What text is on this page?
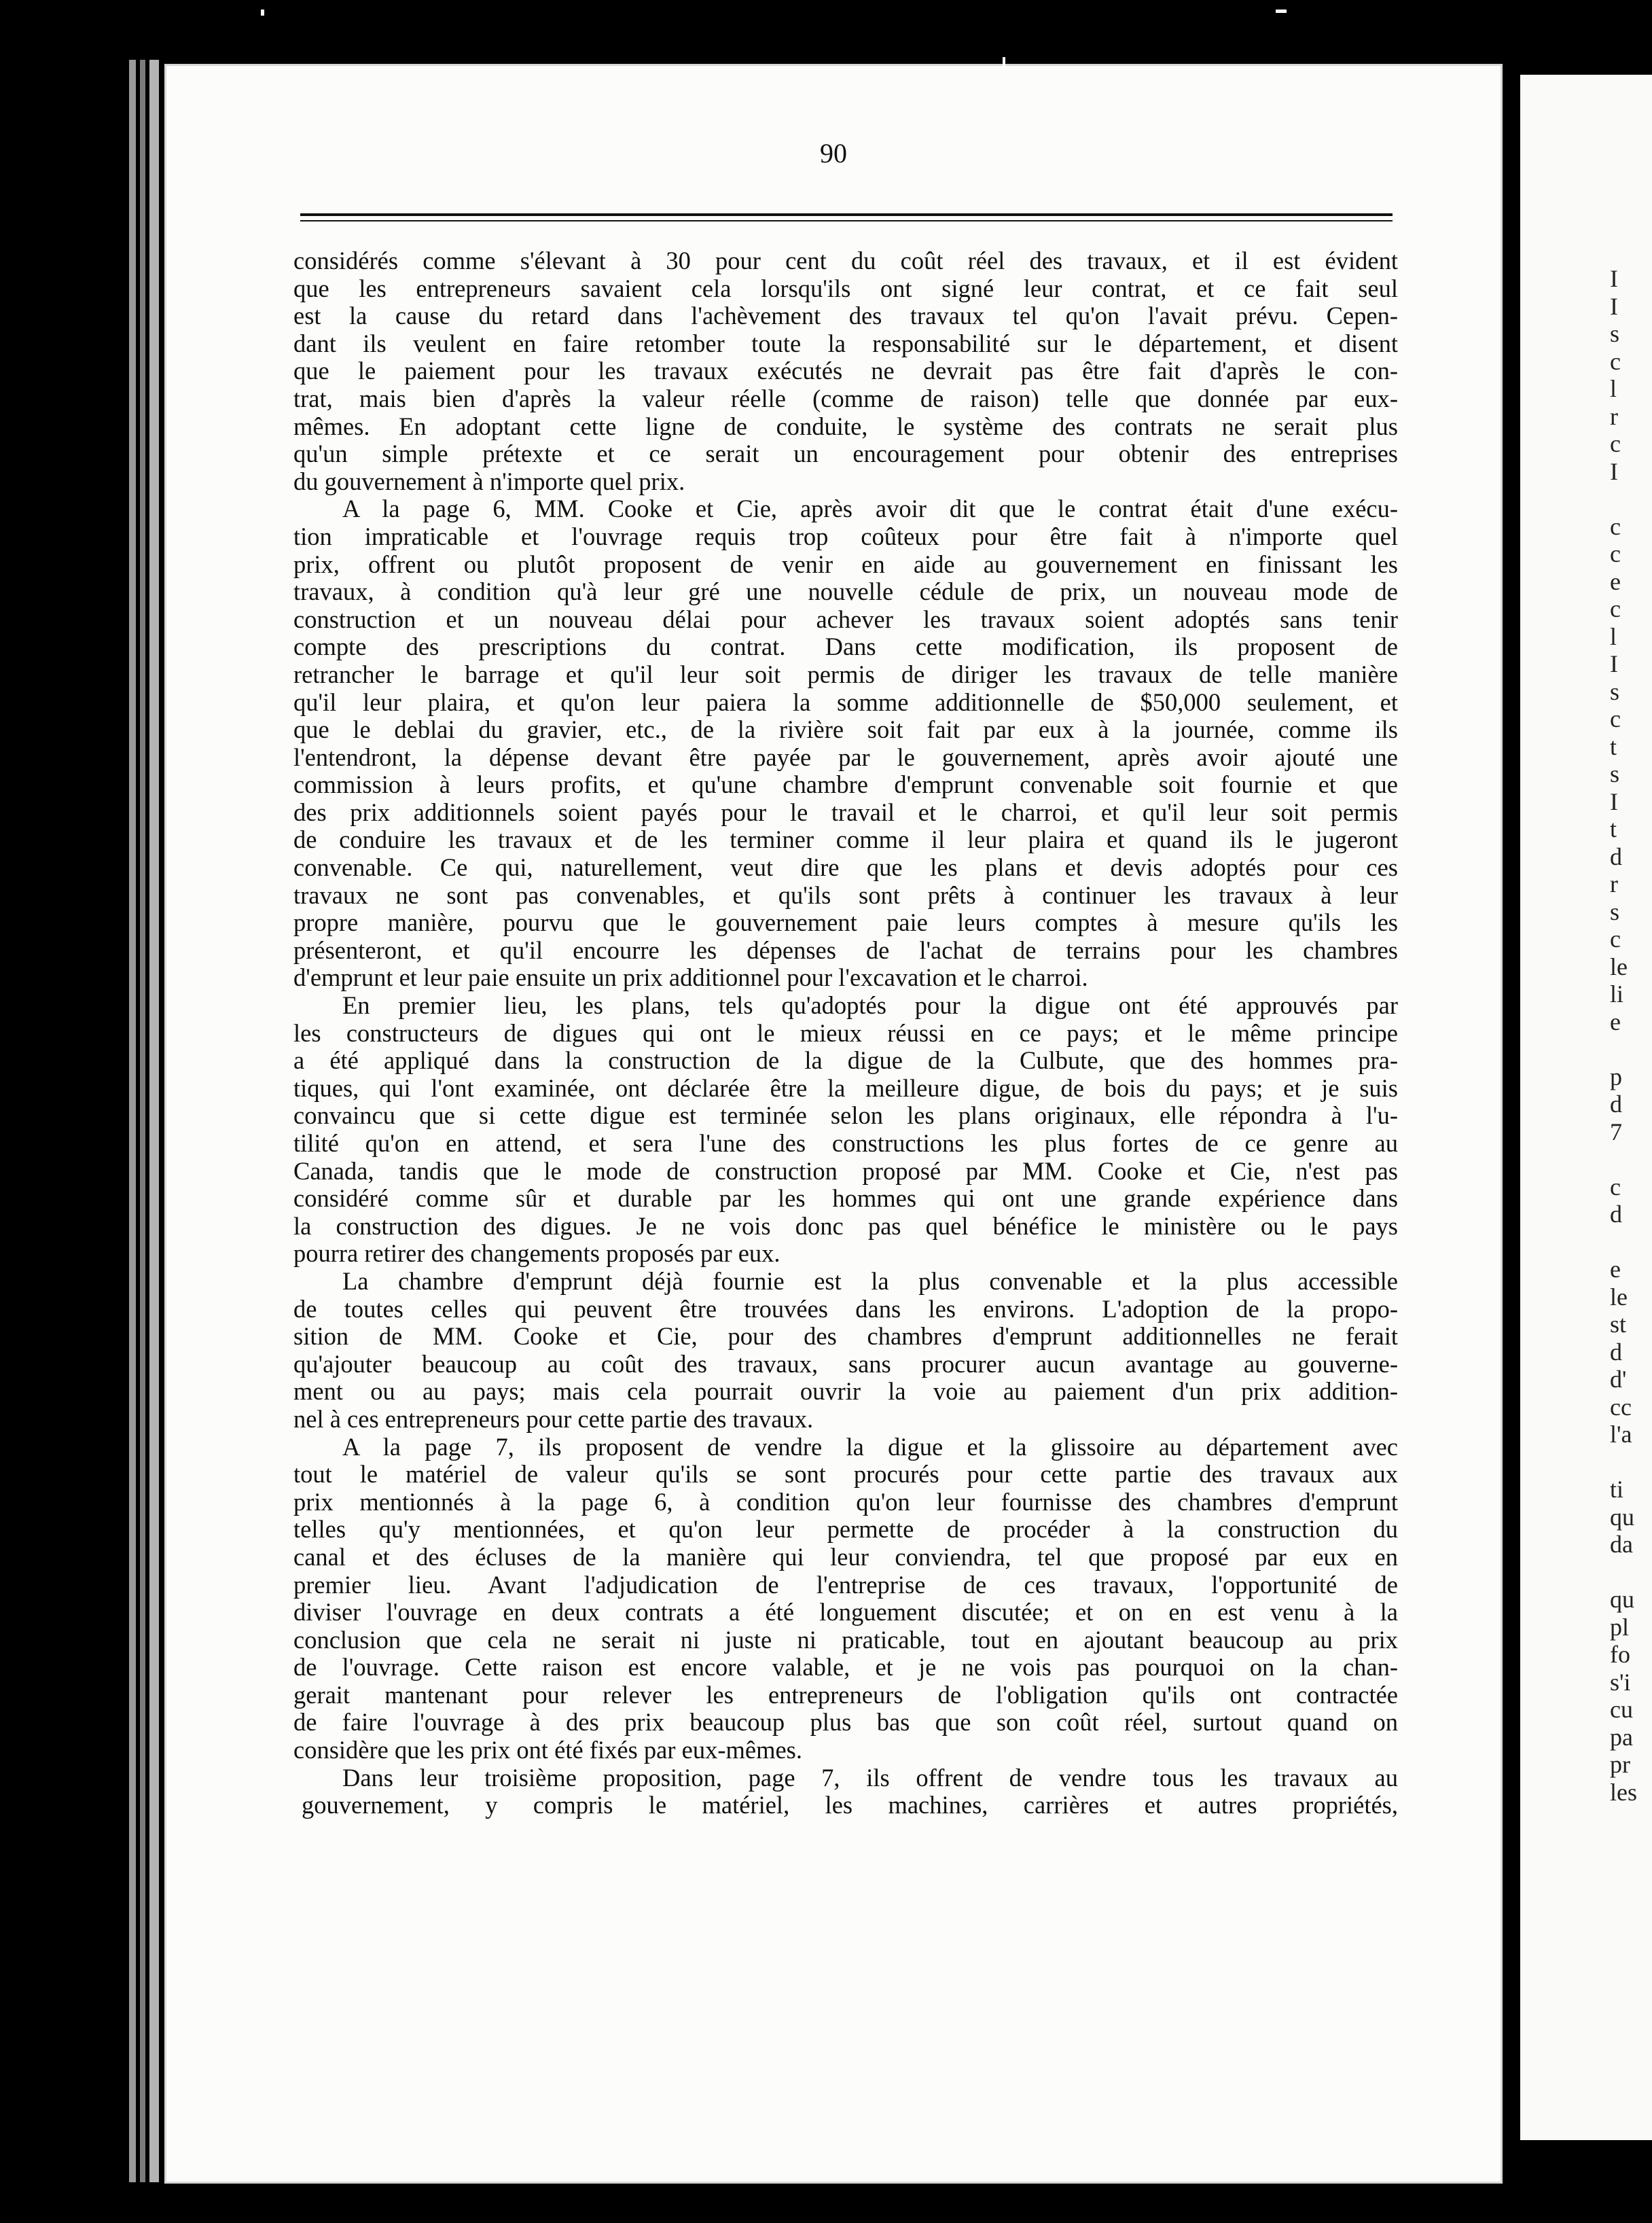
90
considérés comme s'élevant à 30 pour cent du coût réel des travaux, et il est évident
que les entrepreneurs savaient cela lorsqu'ils ont signé leur contrat, et ce fait seul
est la cause du retard dans l'achèvement des travaux tel qu'on l'avait prévu. Cepen-
dant ils veulent en faire retomber toute la responsabilité sur le département, et disent
que le paiement pour les travaux exécutés ne devrait pas être fait d'après le con-
trat, mais bien d'après la valeur réelle (comme de raison) telle que donnée par eux-
mêmes. En adoptant cette ligne de conduite, le système des contrats ne serait plus
qu'un simple prétexte et ce serait un encouragement pour obtenir des entreprises
du gouvernement à n'importe quel prix.
A la page 6, MM. Cooke et Cie, après avoir dit que le contrat était d'une exécu-
tion impraticable et l'ouvrage requis trop coûteux pour être fait à n'importe quel
prix, offrent ou plutôt proposent de venir en aide au gouvernement en finissant les
travaux, à condition qu'à leur gré une nouvelle cédule de prix, un nouveau mode de
construction et un nouveau délai pour achever les travaux soient adoptés sans tenir
compte des prescriptions du contrat. Dans cette modification, ils proposent de
retrancher le barrage et qu'il leur soit permis de diriger les travaux de telle manière
qu'il leur plaira, et qu'on leur paiera la somme additionnelle de $50,000 seulement, et
que le deblai du gravier, etc., de la rivière soit fait par eux à la journée, comme ils
l'entendront, la dépense devant être payée par le gouvernement, après avoir ajouté une
commission à leurs profits, et qu'une chambre d'emprunt convenable soit fournie et que
des prix additionnels soient payés pour le travail et le charroi, et qu'il leur soit permis
de conduire les travaux et de les terminer comme il leur plaira et quand ils le jugeront
convenable. Ce qui, naturellement, veut dire que les plans et devis adoptés pour ces
travaux ne sont pas convenables, et qu'ils sont prêts à continuer les travaux à leur
propre manière, pourvu que le gouvernement paie leurs comptes à mesure qu'ils les
présenteront, et qu'il encourre les dépenses de l'achat de terrains pour les chambres
d'emprunt et leur paie ensuite un prix additionnel pour l'excavation et le charroi.
En premier lieu, les plans, tels qu'adoptés pour la digue ont été approuvés par
les constructeurs de digues qui ont le mieux réussi en ce pays; et le même principe
a été appliqué dans la construction de la digue de la Culbute, que des hommes pra-
tiques, qui l'ont examinée, ont déclarée être la meilleure digue, de bois du pays; et je suis
convaincu que si cette digue est terminée selon les plans originaux, elle répondra à l'u-
tilité qu'on en attend, et sera l'une des constructions les plus fortes de ce genre au
Canada, tandis que le mode de construction proposé par MM. Cooke et Cie, n'est pas
considéré comme sûr et durable par les hommes qui ont une grande expérience dans
la construction des digues. Je ne vois donc pas quel bénéfice le ministère ou le pays
pourra retirer des changements proposés par eux.
La chambre d'emprunt déjà fournie est la plus convenable et la plus accessible
de toutes celles qui peuvent être trouvées dans les environs. L'adoption de la propo-
sition de MM. Cooke et Cie, pour des chambres d'emprunt additionnelles ne ferait
qu'ajouter beaucoup au coût des travaux, sans procurer aucun avantage au gouverne-
ment ou au pays; mais cela pourrait ouvrir la voie au paiement d'un prix addition-
nel à ces entrepreneurs pour cette partie des travaux.
A la page 7, ils proposent de vendre la digue et la glissoire au département avec
tout le matériel de valeur qu'ils se sont procurés pour cette partie des travaux aux
prix mentionnés à la page 6, à condition qu'on leur fournisse des chambres d'emprunt
telles qu'y mentionnées, et qu'on leur permette de procéder à la construction du
canal et des écluses de la manière qui leur conviendra, tel que proposé par eux en
premier lieu. Avant l'adjudication de l'entreprise de ces travaux, l'opportunité de
diviser l'ouvrage en deux contrats a été longuement discutée; et on en est venu à la
conclusion que cela ne serait ni juste ni praticable, tout en ajoutant beaucoup au prix
de l'ouvrage. Cette raison est encore valable, et je ne vois pas pourquoi on la chan-
gerait mantenant pour relever les entrepreneurs de l'obligation qu'ils ont contractée
de faire l'ouvrage à des prix beaucoup plus bas que son coût réel, surtout quand on
considère que les prix ont été fixés par eux-mêmes.
Dans leur troisième proposition, page 7, ils offrent de vendre tous les travaux au
gouvernement, y compris le matériel, les machines, carrières et autres propriétés,
I
I
s
c
l
r
c
I
c
c
e
c
l
I
s
c
t
s
I
t
d
r
s
c
le
li
e
p
d
7
c
d
e
le
st
d
d'
cc
l'a
ti
qu
da
qu
pl
fo
s'i
cu
pa
pr
les
